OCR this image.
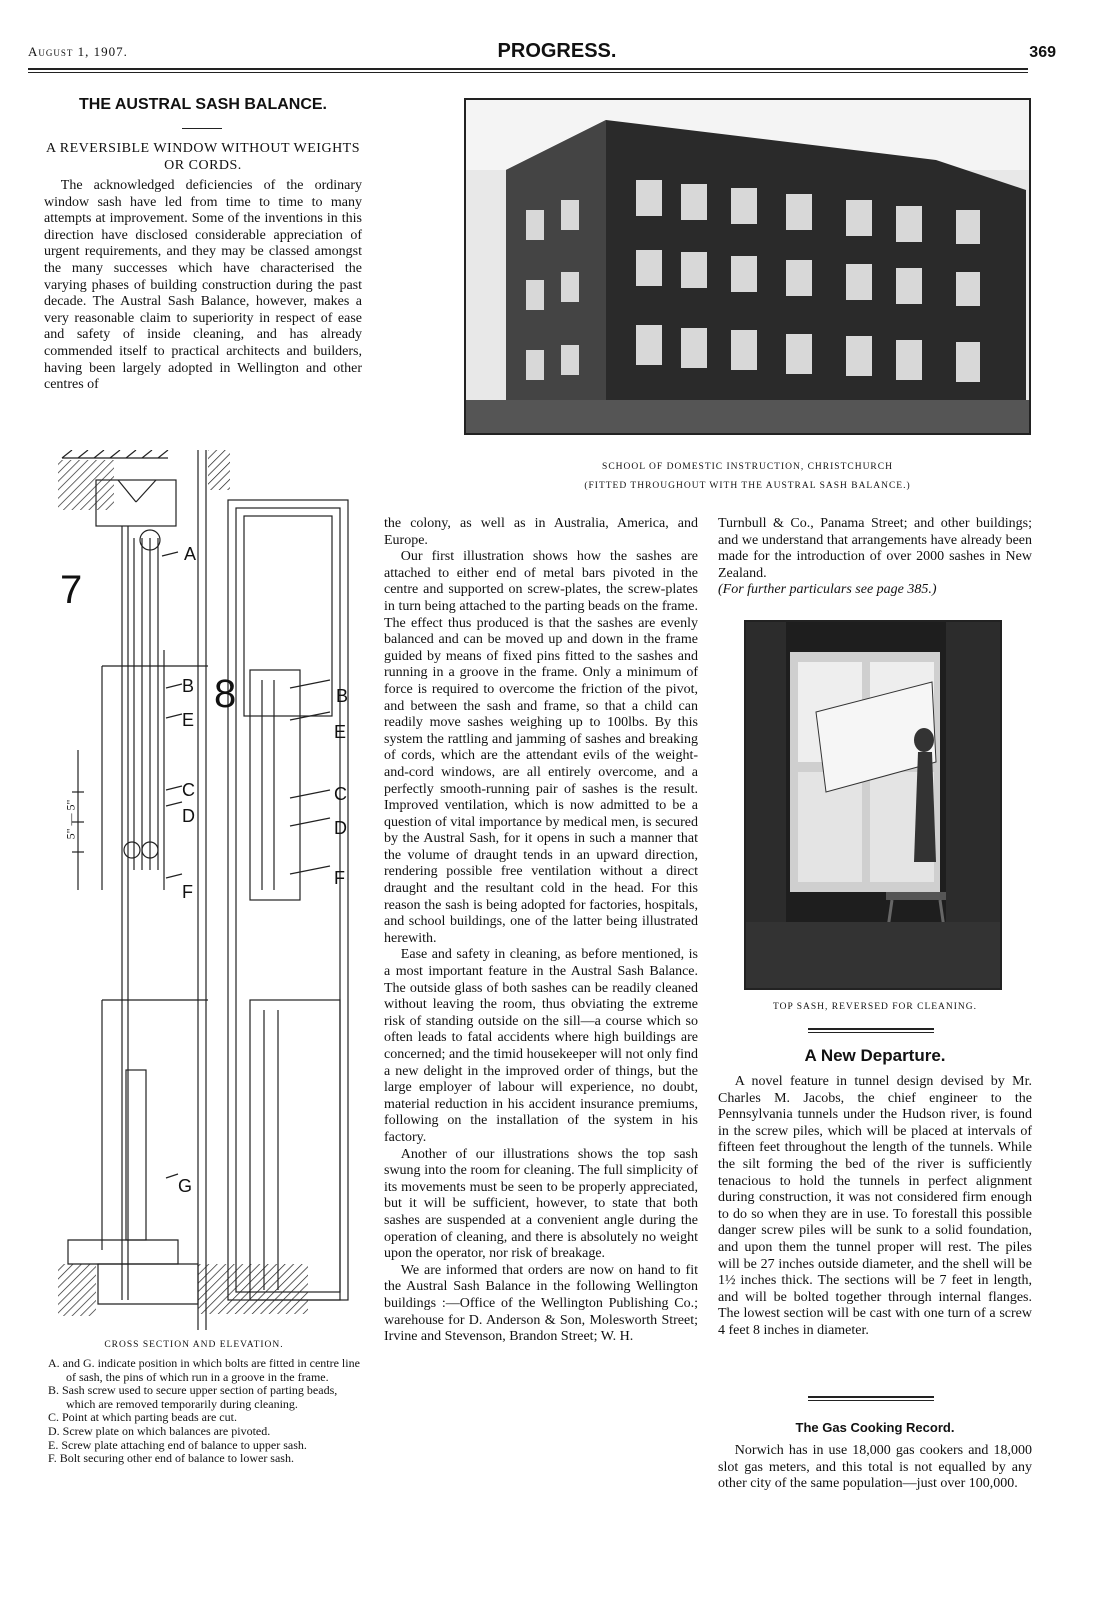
August 1, 1907.	PROGRESS.	369
THE AUSTRAL SASH BALANCE.
A REVERSIBLE WINDOW WITHOUT WEIGHTS OR CORDS.

The acknowledged deficiencies of the ordinary window sash have led from time to time to many attempts at improvement. Some of the inventions in this direction have disclosed considerable appreciation of urgent requirements, and they may be classed amongst the many successes which have characterised the varying phases of building construction during the past decade. The Austral Sash Balance, however, makes a very reasonable claim to superiority in respect of ease and safety of inside cleaning, and has already commended itself to practical architects and builders, having been largely adopted in Wellington and other centres of

SCHOOL OF DOMESTIC INSTRUCTION, CHRISTCHURCH
(FITTED THROUGHOUT WITH THE AUSTRAL SASH BALANCE.)
7
8
A
B
E
C
D
F
G
B
E
C
D
F
5" — 5"
CROSS SECTION AND ELEVATION.
A. and G. indicate position in which bolts are fitted in centre line of sash, the pins of which run in a groove in the frame.
B. Sash screw used to secure upper section of parting beads, which are removed temporarily during cleaning.
C. Point at which parting beads are cut.
D. Screw plate on which balances are pivoted.
E. Screw plate attaching end of balance to upper sash.
F. Bolt securing other end of balance to lower sash.

the colony, as well as in Australia, America, and Europe.

Our first illustration shows how the sashes are attached to either end of metal bars pivoted in the centre and supported on screw-plates, the screw-plates in turn being attached to the parting beads on the frame. The effect thus produced is that the sashes are evenly balanced and can be moved up and down in the frame guided by means of fixed pins fitted to the sashes and running in a groove in the frame. Only a minimum of force is required to overcome the friction of the pivot, and between the sash and frame, so that a child can readily move sashes weighing up to 100lbs. By this system the rattling and jamming of sashes and breaking of cords, which are the attendant evils of the weight-and-cord windows, are all entirely overcome, and a perfectly smooth-running pair of sashes is the result. Improved ventilation, which is now admitted to be a question of vital importance by medical men, is secured by the Austral Sash, for it opens in such a manner that the volume of draught tends in an upward direction, rendering possible free ventilation without a direct draught and the resultant cold in the head. For this reason the sash is being adopted for factories, hospitals, and school buildings, one of the latter being illustrated herewith.

Ease and safety in cleaning, as before mentioned, is a most important feature in the Austral Sash Balance. The outside glass of both sashes can be readily cleaned without leaving the room, thus obviating the extreme risk of standing outside on the sill—a course which so often leads to fatal accidents where high buildings are concerned; and the timid housekeeper will not only find a new delight in the improved order of things, but the large employer of labour will experience, no doubt, material reduction in his accident insurance premiums, following on the installation of the system in his factory.

Another of our illustrations shows the top sash swung into the room for cleaning. The full simplicity of its movements must be seen to be properly appreciated, but it will be sufficient, however, to state that both sashes are suspended at a convenient angle during the operation of cleaning, and there is absolutely no weight upon the operator, nor risk of breakage.

We are informed that orders are now on hand to fit the Austral Sash Balance in the following Wellington buildings :—Office of the Wellington Publishing Co.; warehouse for D. Anderson & Son, Molesworth Street; Irvine and Stevenson, Brandon Street; W. H.

Turnbull & Co., Panama Street; and other buildings; and we understand that arrangements have already been made for the introduction of over 2000 sashes in New Zealand.

(For further particulars see page 385.)

TOP SASH, REVERSED FOR CLEANING.
A New Departure.

A novel feature in tunnel design devised by Mr. Charles M. Jacobs, the chief engineer to the Pennsylvania tunnels under the Hudson river, is found in the screw piles, which will be placed at intervals of fifteen feet throughout the length of the tunnels. While the silt forming the bed of the river is sufficiently tenacious to hold the tunnels in perfect alignment during construction, it was not considered firm enough to do so when they are in use. To forestall this possible danger screw piles will be sunk to a solid foundation, and upon them the tunnel proper will rest. The piles will be 27 inches outside diameter, and the shell will be 1½ inches thick. The sections will be 7 feet in length, and will be bolted together through internal flanges. The lowest section will be cast with one turn of a screw 4 feet 8 inches in diameter.

The Gas Cooking Record.

Norwich has in use 18,000 gas cookers and 18,000 slot gas meters, and this total is not equalled by any other city of the same population—just over 100,000.
